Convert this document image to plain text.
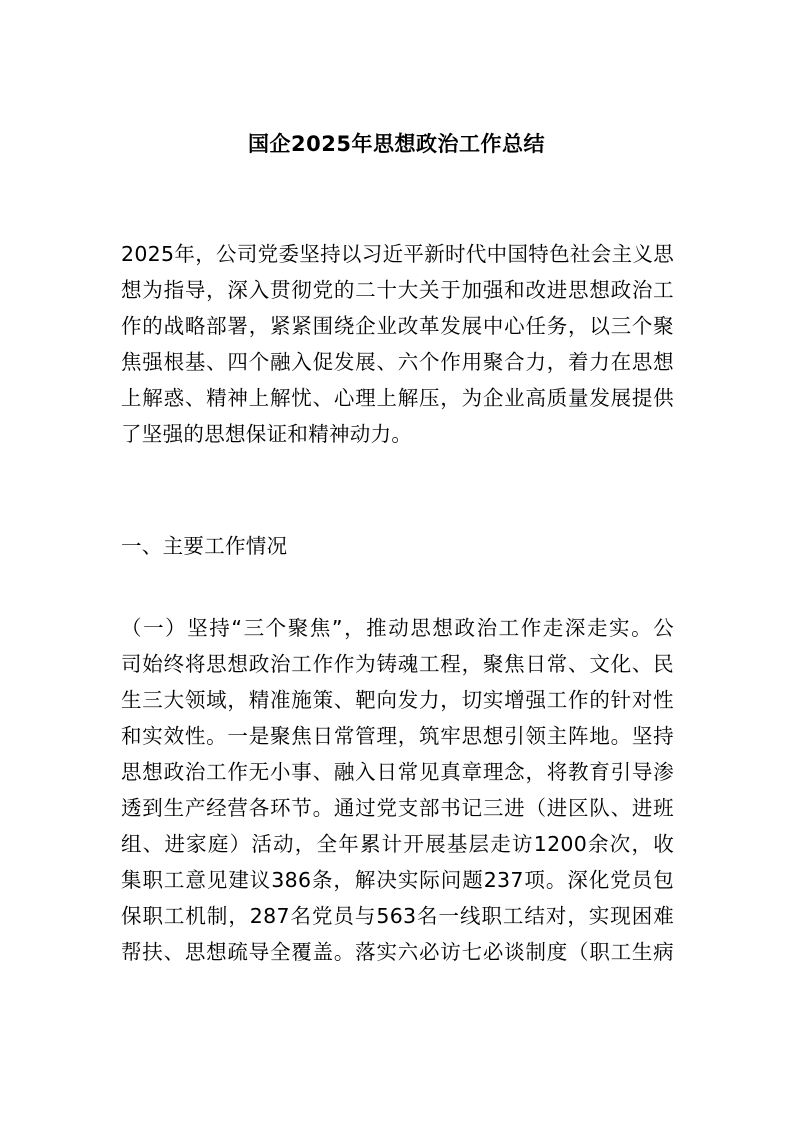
国企2025年思想政治工作总结
2025年，公司党委坚持以习近平新时代中国特色社会主义思
想为指导，深入贯彻党的二十大关于加强和改进思想政治工
作的战略部署，紧紧围绕企业改革发展中心任务，以三个聚
焦强根基、四个融入促发展、六个作用聚合力，着力在思想
上解惑、精神上解忧、心理上解压，为企业高质量发展提供
了坚强的思想保证和精神动力。
一、主要工作情况
（一）坚持“三个聚焦”，推动思想政治工作走深走实。公
司始终将思想政治工作作为铸魂工程，聚焦日常、文化、民
生三大领域，精准施策、靶向发力，切实增强工作的针对性
和实效性。一是聚焦日常管理，筑牢思想引领主阵地。坚持
思想政治工作无小事、融入日常见真章理念，将教育引导渗
透到生产经营各环节。通过党支部书记三进（进区队、进班
组、进家庭）活动，全年累计开展基层走访1200余次，收
集职工意见建议386条，解决实际问题237项。深化党员包
保职工机制，287名党员与563名一线职工结对，实现困难
帮扶、思想疏导全覆盖。落实六必访七必谈制度（职工生病
